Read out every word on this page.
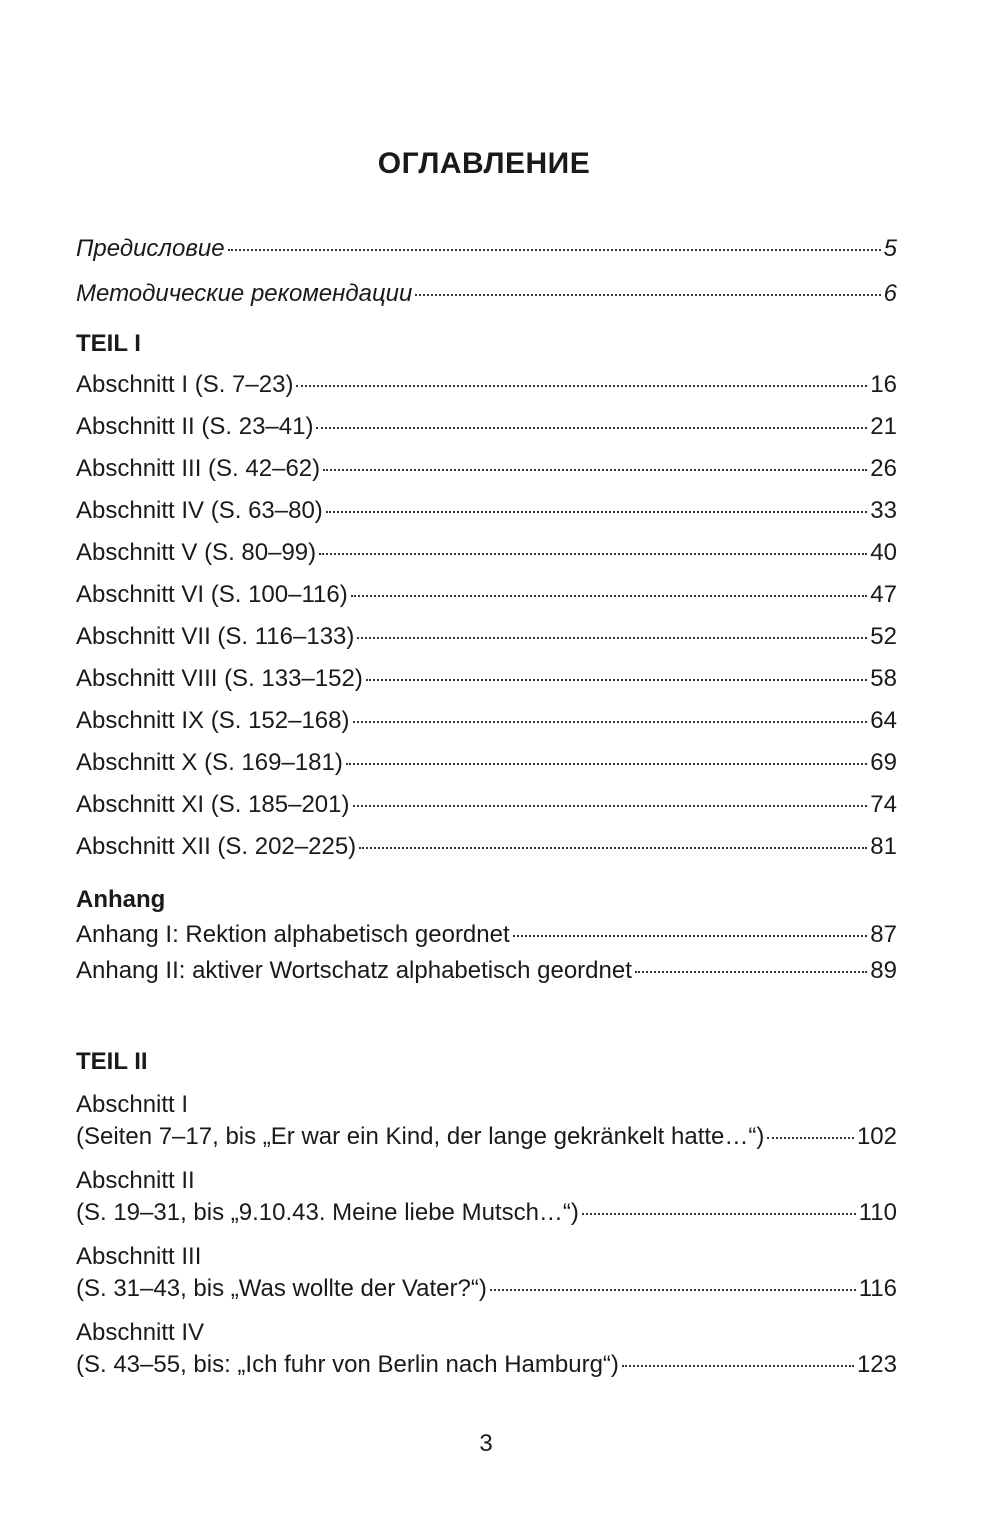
ОГЛАВЛЕНИЕ
Предисловие	5
Методические рекомендации	6
TEIL I
Abschnitt I (S. 7–23)	16
Abschnitt II (S. 23–41)	21
Abschnitt III (S. 42–62)	26
Abschnitt IV (S. 63–80)	33
Abschnitt V (S. 80–99)	40
Abschnitt VI (S. 100–116)	47
Abschnitt VII (S. 116–133)	52
Abschnitt VIII (S. 133–152)	58
Abschnitt IX (S. 152–168)	64
Abschnitt X (S. 169–181)	69
Abschnitt XI (S. 185–201)	74
Abschnitt XII (S. 202–225)	81
Anhang
Anhang I: Rektion alphabetisch geordnet	87
Anhang II: aktiver Wortschatz alphabetisch geordnet	89
TEIL II
Abschnitt I
(Seiten 7–17, bis „Er war ein Kind, der lange gekränkelt hatte…“)	102
Abschnitt II
(S. 19–31, bis „9.10.43. Meine liebe Mutsch…“)	110
Abschnitt III
(S. 31–43, bis „Was wollte der Vater?“)	116
Abschnitt IV
(S. 43–55, bis: „Ich fuhr von Berlin nach Hamburg“)	123
3
